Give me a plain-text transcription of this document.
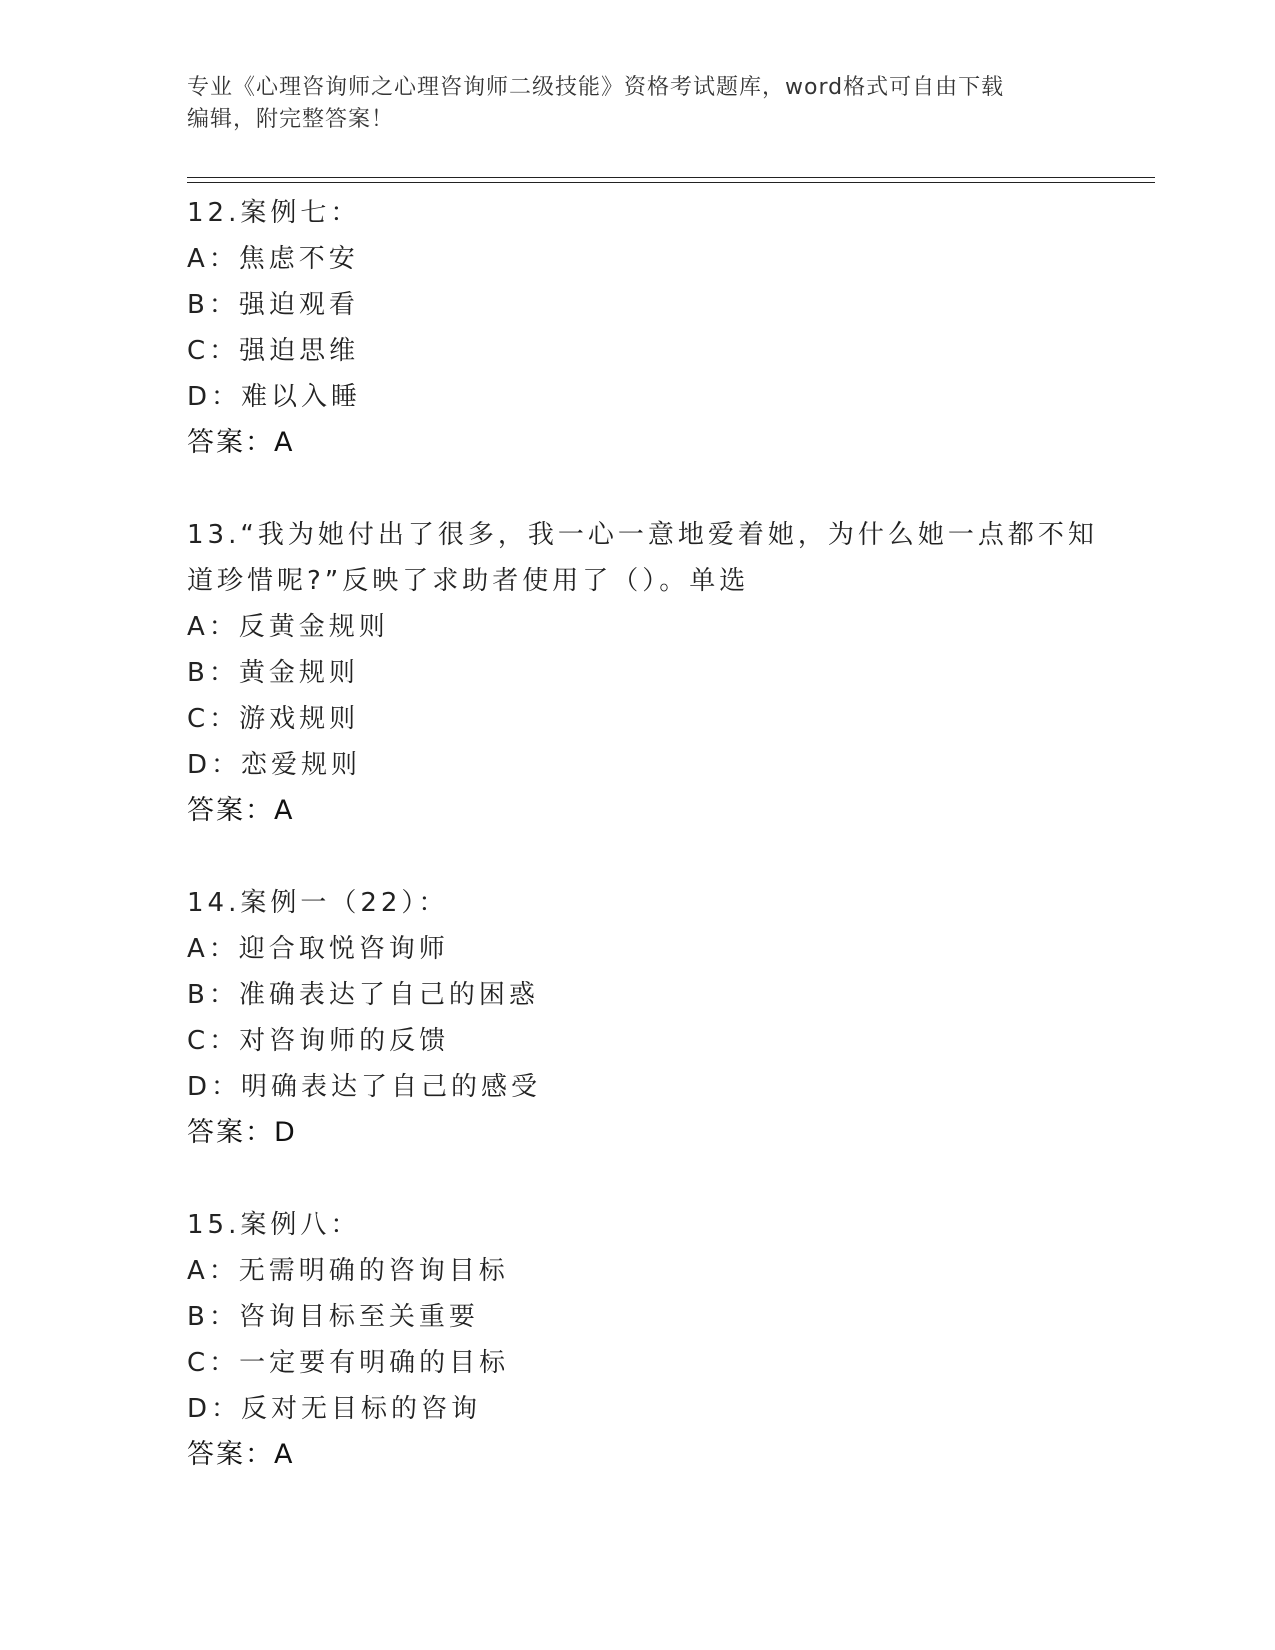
专业《心理咨询师之心理咨询师二级技能》资格考试题库，word格式可自由下载
编辑，附完整答案！
12.案例七：
A：焦虑不安
B：强迫观看
C：强迫思维
D：难以入睡
答案：A
13.“我为她付出了很多，我一心一意地爱着她，为什么她一点都不知
道珍惜呢?”反映了求助者使用了（）。单选
A：反黄金规则
B：黄金规则
C：游戏规则
D：恋爱规则
答案：A
14.案例一（22）：
A：迎合取悦咨询师
B：准确表达了自己的困惑
C：对咨询师的反馈
D：明确表达了自己的感受
答案：D
15.案例八：
A：无需明确的咨询目标
B：咨询目标至关重要
C：一定要有明确的目标
D：反对无目标的咨询
答案：A
